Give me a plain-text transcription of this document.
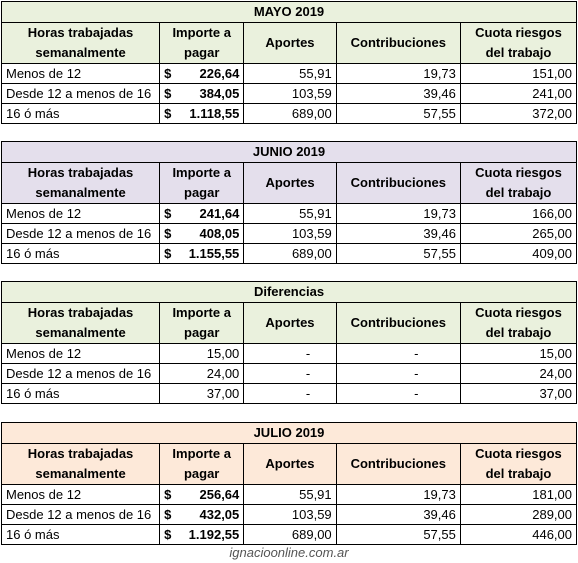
MAYO 2019				
Horas trabajadas semanalmente	Importe a pagar	Aportes	Contribuciones	Cuota riesgos del trabajo
Menos de 12	$ 226,64	55,91	19,73	151,00
Desde 12 a menos de 16	$ 384,05	103,59	39,46	241,00
16 ó más	$ 1.118,55	689,00	57,55	372,00
JUNIO 2019				
Horas trabajadas semanalmente	Importe a pagar	Aportes	Contribuciones	Cuota riesgos del trabajo
Menos de 12	$ 241,64	55,91	19,73	166,00
Desde 12 a menos de 16	$ 408,05	103,59	39,46	265,00
16 ó más	$ 1.155,55	689,00	57,55	409,00
Diferencias				
Horas trabajadas semanalmente	Importe a pagar	Aportes	Contribuciones	Cuota riesgos del trabajo
Menos de 12	15,00	-	-	15,00
Desde 12 a menos de 16	24,00	-	-	24,00
16 ó más	37,00	-	-	37,00
JULIO 2019				
Horas trabajadas semanalmente	Importe a pagar	Aportes	Contribuciones	Cuota riesgos del trabajo
Menos de 12	$ 256,64	55,91	19,73	181,00
Desde 12 a menos de 16	$ 432,05	103,59	39,46	289,00
16 ó más	$ 1.192,55	689,00	57,55	446,00
ignacioonline.com.ar
